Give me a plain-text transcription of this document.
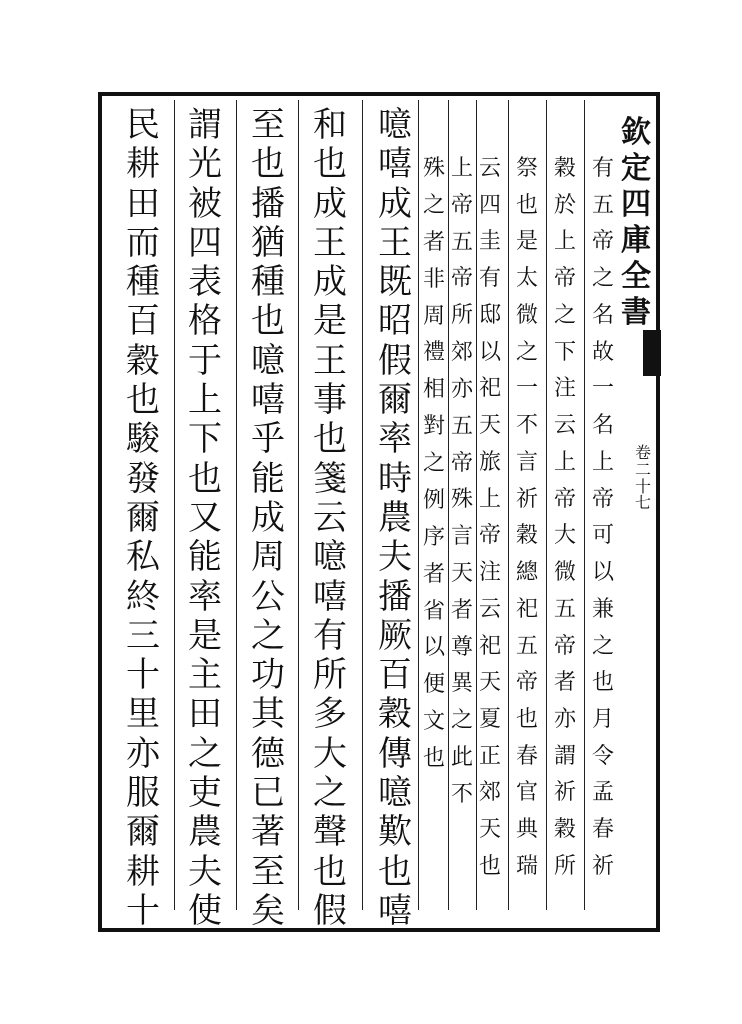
欽
定
四
庫
全
書
卷
二
十
七
有
五
帝
之
名
故
一
名
上
帝
可
以
兼
之
也
月
令
孟
春
祈
穀
於
上
帝
之
下
注
云
上
帝
大
微
五
帝
者
亦
謂
祈
穀
所
祭
也
是
太
微
之
一
不
言
祈
穀
總
祀
五
帝
也
春
官
典
瑞
云
四
圭
有
邸
以
祀
天
旅
上
帝
注
云
祀
天
夏
正
郊
天
也
上
帝
五
帝
所
郊
亦
五
帝
殊
言
天
者
尊
異
之
此
不
殊
之
者
非
周
禮
相
對
之
例
序
者
省
以
便
文
也
噫
嘻
成
王
既
昭
假
爾
率
時
農
夫
播
厥
百
穀
傳
噫
歎
也
嘻
和
也
成
王
成
是
王
事
也
箋
云
噫
嘻
有
所
多
大
之
聲
也
假
至
也
播
猶
種
也
噫
嘻
乎
能
成
周
公
之
功
其
德
已
著
至
矣
謂
光
被
四
表
格
于
上
下
也
又
能
率
是
主
田
之
吏
農
夫
使
民
耕
田
而
種
百
穀
也
駿
發
爾
私
終
三
十
里
亦
服
爾
耕
十
